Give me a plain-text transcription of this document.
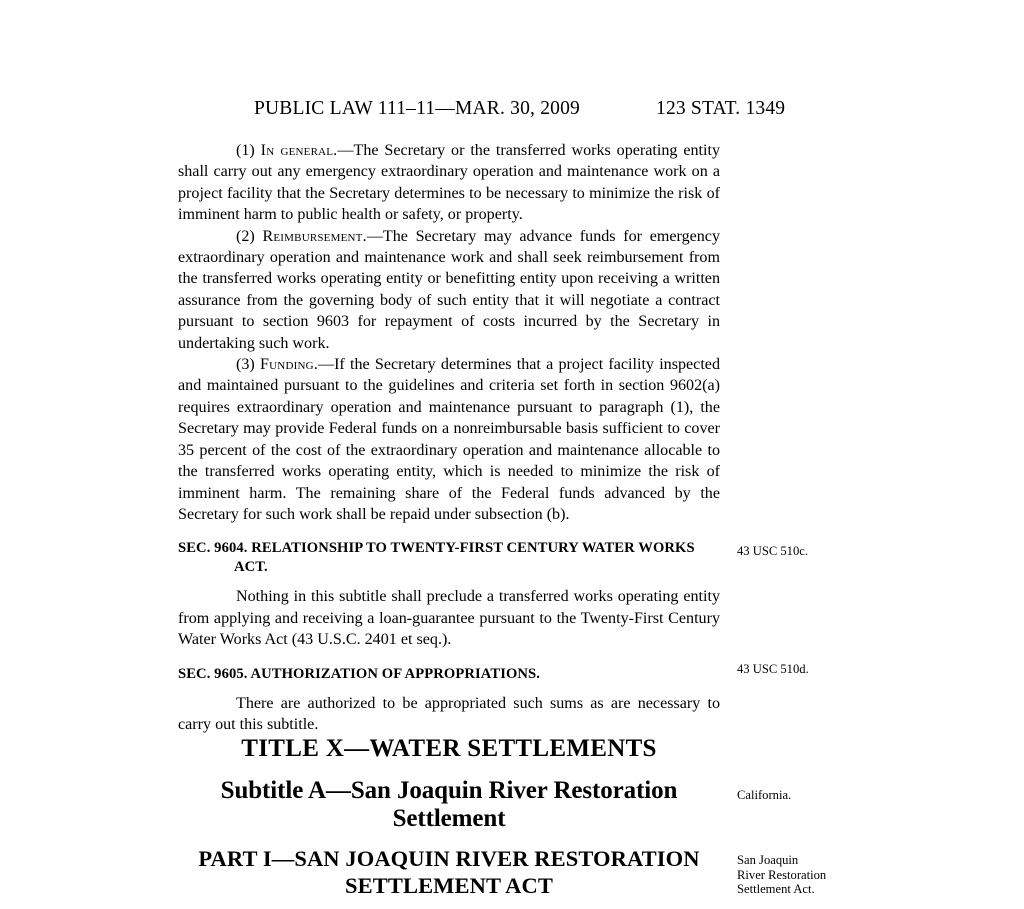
PUBLIC LAW 111–11—MAR. 30, 2009	123 STAT. 1349

(1) In general.—The Secretary or the transferred works operating entity shall carry out any emergency extraordinary operation and maintenance work on a project facility that the Secretary determines to be necessary to minimize the risk of imminent harm to public health or safety, or property.

(2) Reimbursement.—The Secretary may advance funds for emergency extraordinary operation and maintenance work and shall seek reimbursement from the transferred works operating entity or benefitting entity upon receiving a written assurance from the governing body of such entity that it will negotiate a contract pursuant to section 9603 for repayment of costs incurred by the Secretary in undertaking such work.

(3) Funding.—If the Secretary determines that a project facility inspected and maintained pursuant to the guidelines and criteria set forth in section 9602(a) requires extraordinary operation and maintenance pursuant to paragraph (1), the Secretary may provide Federal funds on a nonreimbursable basis sufficient to cover 35 percent of the cost of the extraordinary operation and maintenance allocable to the transferred works operating entity, which is needed to minimize the risk of imminent harm. The remaining share of the Federal funds advanced by the Secretary for such work shall be repaid under subsection (b).

SEC. 9604. RELATIONSHIP TO TWENTY-FIRST CENTURY WATER WORKS
ACT.

Nothing in this subtitle shall preclude a transferred works operating entity from applying and receiving a loan-guarantee pursuant to the Twenty-First Century Water Works Act (43 U.S.C. 2401 et seq.).

SEC. 9605. AUTHORIZATION OF APPROPRIATIONS.

There are authorized to be appropriated such sums as are necessary to carry out this subtitle.

TITLE X—WATER SETTLEMENTS
Subtitle A—San Joaquin River Restoration Settlement
PART I—SAN JOAQUIN RIVER RESTORATION SETTLEMENT ACT
43 USC 510c.
43 USC 510d.
California.
San Joaquin
River Restoration
Settlement Act.
